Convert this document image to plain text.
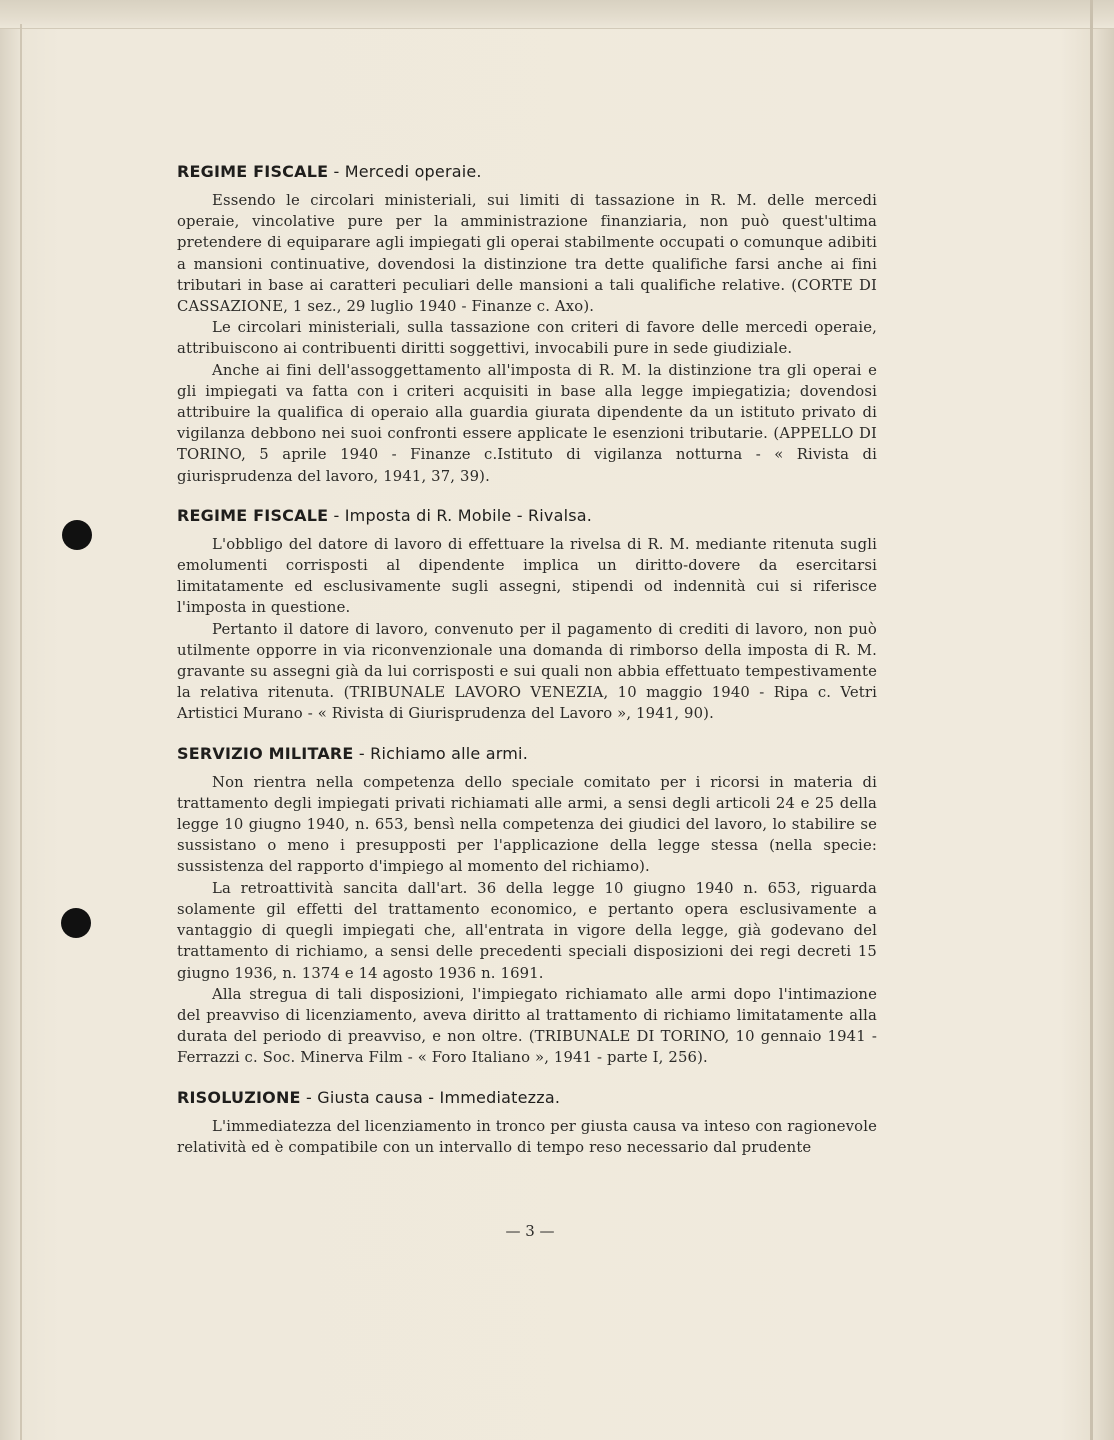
REGIME FISCALE - Mercedi operaie.

Essendo le circolari ministeriali, sui limiti di tassazione in R. M. delle mercedi operaie, vincolative pure per la amministrazione finanziaria, non può quest'ultima pretendere di equiparare agli impiegati gli operai stabilmente occupati o comunque adibiti a mansioni continuative, dovendosi la distinzione tra dette qualifiche farsi anche ai fini tributari in base ai caratteri peculiari delle mansioni a tali qualifiche relative. (CORTE DI CASSAZIONE, 1 sez., 29 luglio 1940 - Finanze c. Axo).

Le circolari ministeriali, sulla tassazione con criteri di favore delle mercedi operaie, attribuiscono ai contribuenti diritti soggettivi, invocabili pure in sede giudiziale.

Anche ai fini dell'assoggettamento all'imposta di R. M. la distinzione tra gli operai e gli impiegati va fatta con i criteri acquisiti in base alla legge impiegatizia; dovendosi attribuire la qualifica di operaio alla guardia giurata dipendente da un istituto privato di vigilanza debbono nei suoi confronti essere applicate le esenzioni tributarie. (APPELLO DI TORINO, 5 aprile 1940 - Finanze c.Istituto di vigilanza notturna - « Rivista di giurisprudenza del lavoro, 1941, 37, 39).

REGIME FISCALE - Imposta di R. Mobile - Rivalsa.

L'obbligo del datore di lavoro di effettuare la rivelsa di R. M. mediante ritenuta sugli emolumenti corrisposti al dipendente implica un diritto-dovere da esercitarsi limitatamente ed esclusivamente sugli assegni, stipendi od indennità cui si riferisce l'imposta in questione.

Pertanto il datore di lavoro, convenuto per il pagamento di crediti di lavoro, non può utilmente opporre in via riconvenzionale una domanda di rimborso della imposta di R. M. gravante su assegni già da lui corrisposti e sui quali non abbia effettuato tempestivamente la relativa ritenuta. (TRIBUNALE LAVORO VENEZIA, 10 maggio 1940 - Ripa c. Vetri Artistici Murano - « Rivista di Giurisprudenza del Lavoro », 1941, 90).

SERVIZIO MILITARE - Richiamo alle armi.

Non rientra nella competenza dello speciale comitato per i ricorsi in materia di trattamento degli impiegati privati richiamati alle armi, a sensi degli articoli 24 e 25 della legge 10 giugno 1940, n. 653, bensì nella competenza dei giudici del lavoro, lo stabilire se sussistano o meno i presupposti per l'applicazione della legge stessa (nella specie: sussistenza del rapporto d'impiego al momento del richiamo).

La retroattività sancita dall'art. 36 della legge 10 giugno 1940 n. 653, riguarda solamente gil effetti del trattamento economico, e pertanto opera esclusivamente a vantaggio di quegli impiegati che, all'entrata in vigore della legge, già godevano del trattamento di richiamo, a sensi delle precedenti speciali disposizioni dei regi decreti 15 giugno 1936, n. 1374 e 14 agosto 1936 n. 1691.

Alla stregua di tali disposizioni, l'impiegato richiamato alle armi dopo l'intimazione del preavviso di licenziamento, aveva diritto al trattamento di richiamo limitatamente alla durata del periodo di preavviso, e non oltre. (TRIBUNALE DI TORINO, 10 gennaio 1941 - Ferrazzi c. Soc. Minerva Film - « Foro Italiano », 1941 - parte I, 256).

RISOLUZIONE - Giusta causa - Immediatezza.

L'immediatezza del licenziamento in tronco per giusta causa va inteso con ragionevole relatività ed è compatibile con un intervallo di tempo reso necessario dal prudente

— 3 —
